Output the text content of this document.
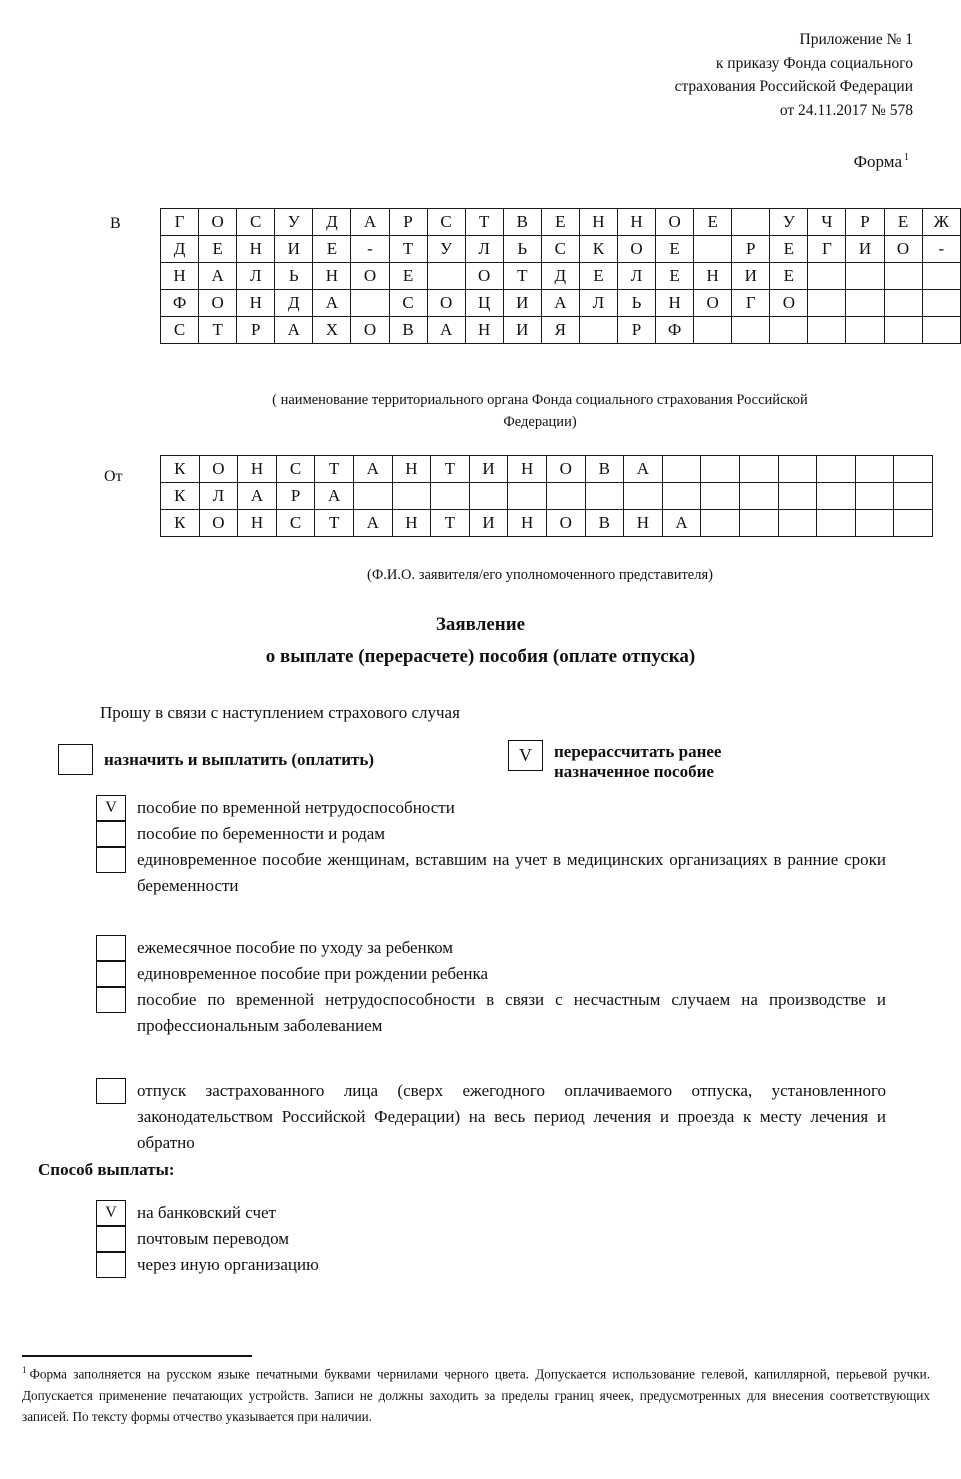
Приложение № 1
к приказу Фонда социального
страхования Российской Федерации
от 24.11.2017 № 578
Форма $^1$
В	Г	О	С	У	Д	А	Р	С	Т	В	Е	Н	Н	О	Е		У	Ч	Р	Е	Ж
Д	Е	Н	И	Е	-	Т	У	Л	Ь	С	К	О	Е		Р	Е	Г	И	О	-
Н	А	Л	Ь	Н	О	Е		О	Т	Д	Е	Л	Е	Н	И	Е				
Ф	О	Н	Д	А		С	О	Ц	И	А	Л	Ь	Н	О	Г	О				
С	Т	Р	А	Х	О	В	А	Н	И	Я		Р	Ф							
( наименование территориального органа Фонда социального страхования Российской
Федерации)
От	К	О	Н	С	Т	А	Н	Т	И	Н	О	В	А							
К	Л	А	Р	А															
К	О	Н	С	Т	А	Н	Т	И	Н	О	В	Н	А						
(Ф.И.О. заявителя/его уполномоченного представителя)
Заявление
о выплате (перерасчете) пособия (оплате отпуска)
Прошу в связи с наступлением страхового случая
назначить и выплатить (оплатить)	V	перерассчитать ранее назначенное пособие
V	пособие по временной нетрудоспособности
пособие по беременности и родам
единовременное пособие женщинам, вставшим на учет в медицинских организациях в ранние сроки беременности
ежемесячное пособие по уходу за ребенком
единовременное пособие при рождении ребенка
пособие по временной нетрудоспособности в связи с несчастным случаем на производстве и профессиональным заболеванием
отпуск застрахованного лица (сверх ежегодного оплачиваемого отпуска, установленного законодательством Российской Федерации) на весь период лечения и проезда к месту лечения и обратно
Способ выплаты:
V	на банковский счет
почтовым переводом
через иную организацию
$^1$ Форма заполняется на русском языке печатными буквами чернилами черного цвета. Допускается использование гелевой, капиллярной, перьевой ручки. Допускается применение печатающих устройств. Записи не должны заходить за пределы границ ячеек, предусмотренных для внесения соответствующих записей. По тексту формы отчество указывается при наличии.
